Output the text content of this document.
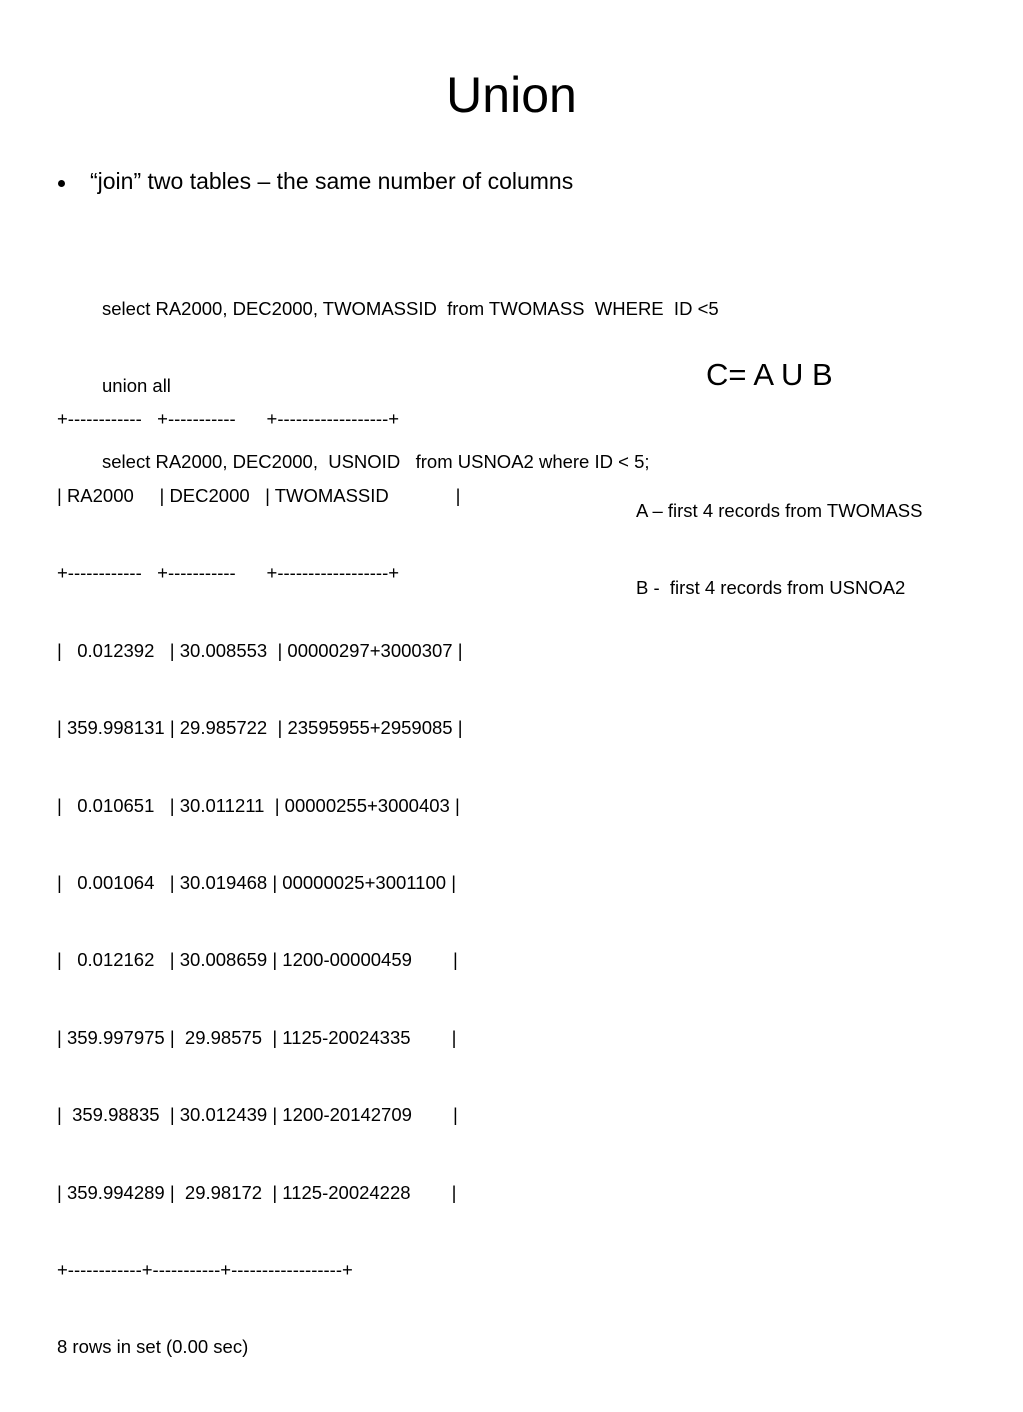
Union
“join” two tables – the same number of columns

select RA2000, DEC2000, TWOMASSID  from TWOMASS  WHERE  ID <5

union all

select RA2000, DEC2000,  USNOID   from USNOA2 where ID < 5;

+------------   +-----------      +------------------+

| RA2000     | DEC2000   | TWOMASSID             |

+------------   +-----------      +------------------+

|   0.012392   | 30.008553  | 00000297+3000307 |

| 359.998131 | 29.985722  | 23595955+2959085 |

|   0.010651   | 30.011211  | 00000255+3000403 |

|   0.001064   | 30.019468 | 00000025+3001100 |

|   0.012162   | 30.008659 | 1200-00000459        |

| 359.997975 |  29.98575  | 1125-20024335        |

|  359.98835  | 30.012439 | 1200-20142709        |

| 359.994289 |  29.98172  | 1125-20024228        |

+------------+-----------+------------------+

8 rows in set (0.00 sec)

C= A U B

A – first 4 records from TWOMASS

B -  first 4 records from USNOA2
